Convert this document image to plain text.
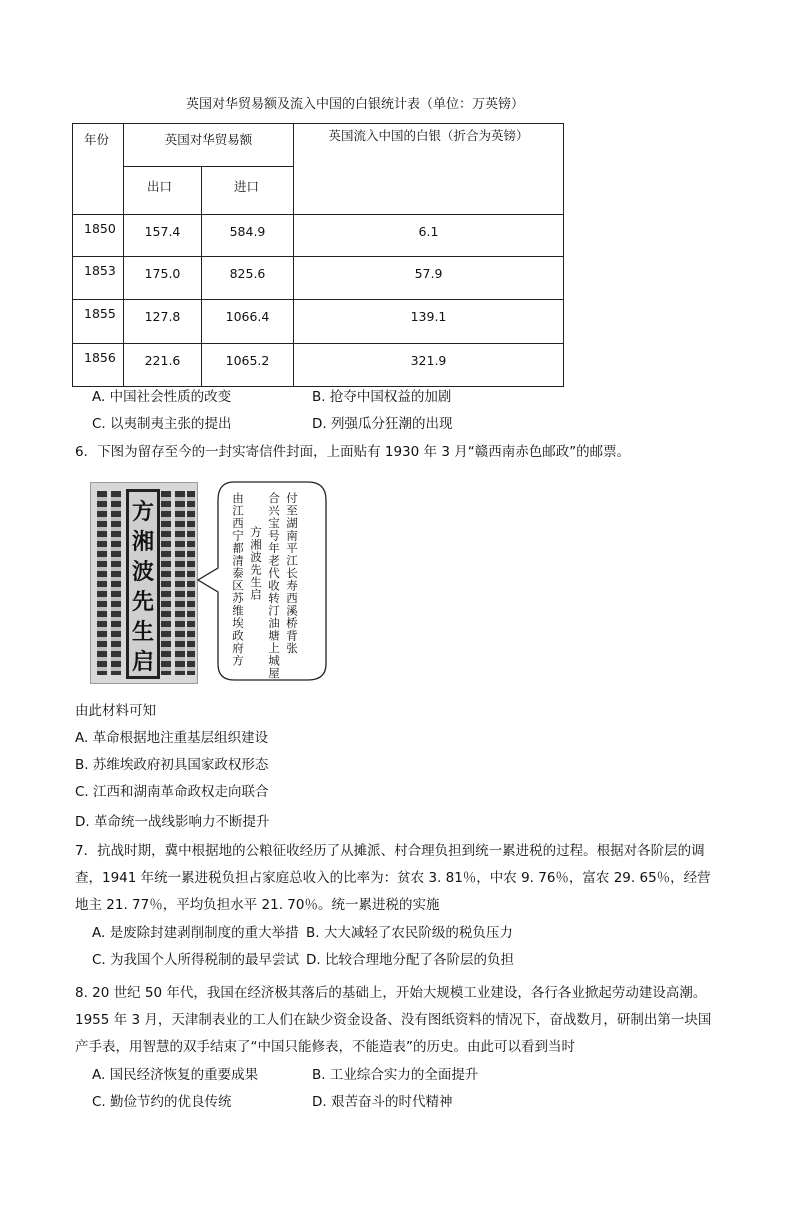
英国对华贸易额及流入中国的白银统计表（单位：万英镑）
年份	英国对华贸易额		英国流入中国的白银（折合为英镑）

	出口	进口	

1850	157.4	584.9	6.1

1853	175.0	825.6	57.9

1855	127.8	1066.4	139.1

1856	221.6	1065.2	321.9
A. 中国社会性质的改变	B. 抢夺中国权益的加剧
C. 以夷制夷主张的提出	D. 列强瓜分狂潮的出现
6．下图为留存至今的一封实寄信件封面，上面贴有 1930 年 3 月“赣西南赤色邮政”的邮票。
方
湘
波
先
生
启
付至湖南平江长寿西溪桥背张
合兴宝号年老代收转汀油塘上城屋
方湘波先生启
由江西宁都清泰区苏维埃政府方
由此材料可知
A. 革命根据地注重基层组织建设
B. 苏维埃政府初具国家政权形态
C. 江西和湖南革命政权走向联合
D. 革命统一战线影响力不断提升
7．抗战时期，冀中根据地的公粮征收经历了从摊派、村合理负担到统一累进税的过程。根据对各阶层的调查，1941 年统一累进税负担占家庭总收入的比率为：贫农 3. 81％，中农 9. 76％，富农 29. 65％，经营地主 21. 77％，平均负担水平 21. 70％。统一累进税的实施
A. 是废除封建剥削制度的重大举措 B. 大大减轻了农民阶级的税负压力
C. 为我国个人所得税制的最早尝试 D. 比较合理地分配了各阶层的负担
8. 20 世纪 50 年代，我国在经济极其落后的基础上，开始大规模工业建设，各行各业掀起劳动建设高潮。1955 年 3 月，天津制表业的工人们在缺少资金设备、没有图纸资料的情况下，奋战数月，研制出第一块国产手表，用智慧的双手结束了“中国只能修表，不能造表”的历史。由此可以看到当时
A. 国民经济恢复的重要成果	B. 工业综合实力的全面提升
C. 勤俭节约的优良传统	D. 艰苦奋斗的时代精神
